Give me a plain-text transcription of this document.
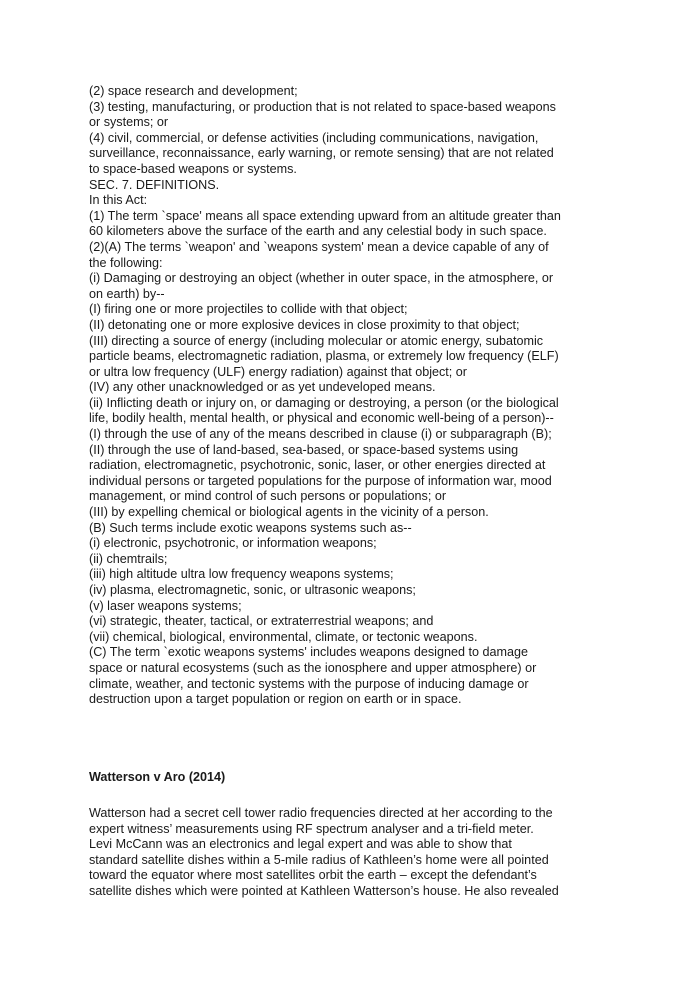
(2) space research and development;
(3) testing, manufacturing, or production that is not related to space-based weapons
or systems; or
(4) civil, commercial, or defense activities (including communications, navigation,
surveillance, reconnaissance, early warning, or remote sensing) that are not related
to space-based weapons or systems.
SEC. 7. DEFINITIONS.
In this Act:
(1) The term `space' means all space extending upward from an altitude greater than
60 kilometers above the surface of the earth and any celestial body in such space.
(2)(A) The terms `weapon' and `weapons system' mean a device capable of any of
the following:
(i) Damaging or destroying an object (whether in outer space, in the atmosphere, or
on earth) by--
(I) firing one or more projectiles to collide with that object;
(II) detonating one or more explosive devices in close proximity to that object;
(III) directing a source of energy (including molecular or atomic energy, subatomic
particle beams, electromagnetic radiation, plasma, or extremely low frequency (ELF)
or ultra low frequency (ULF) energy radiation) against that object; or
(IV) any other unacknowledged or as yet undeveloped means.
(ii) Inflicting death or injury on, or damaging or destroying, a person (or the biological
life, bodily health, mental health, or physical and economic well-being of a person)--
(I) through the use of any of the means described in clause (i) or subparagraph (B);
(II) through the use of land-based, sea-based, or space-based systems using
radiation, electromagnetic, psychotronic, sonic, laser, or other energies directed at
individual persons or targeted populations for the purpose of information war, mood
management, or mind control of such persons or populations; or
(III) by expelling chemical or biological agents in the vicinity of a person.
(B) Such terms include exotic weapons systems such as--
(i) electronic, psychotronic, or information weapons;
(ii) chemtrails;
(iii) high altitude ultra low frequency weapons systems;
(iv) plasma, electromagnetic, sonic, or ultrasonic weapons;
(v) laser weapons systems;
(vi) strategic, theater, tactical, or extraterrestrial weapons; and
(vii) chemical, biological, environmental, climate, or tectonic weapons.
(C) The term `exotic weapons systems' includes weapons designed to damage
space or natural ecosystems (such as the ionosphere and upper atmosphere) or
climate, weather, and tectonic systems with the purpose of inducing damage or
destruction upon a target population or region on earth or in space.
Watterson v Aro (2014)
Watterson had a secret cell tower radio frequencies directed at her according to the
expert witness’ measurements using RF spectrum analyser and a tri-field meter.
Levi McCann was an electronics and legal expert and was able to show that
standard satellite dishes within a 5-mile radius of Kathleen’s home were all pointed
toward the equator where most satellites orbit the earth – except the defendant’s
satellite dishes which were pointed at Kathleen Watterson’s house. He also revealed
